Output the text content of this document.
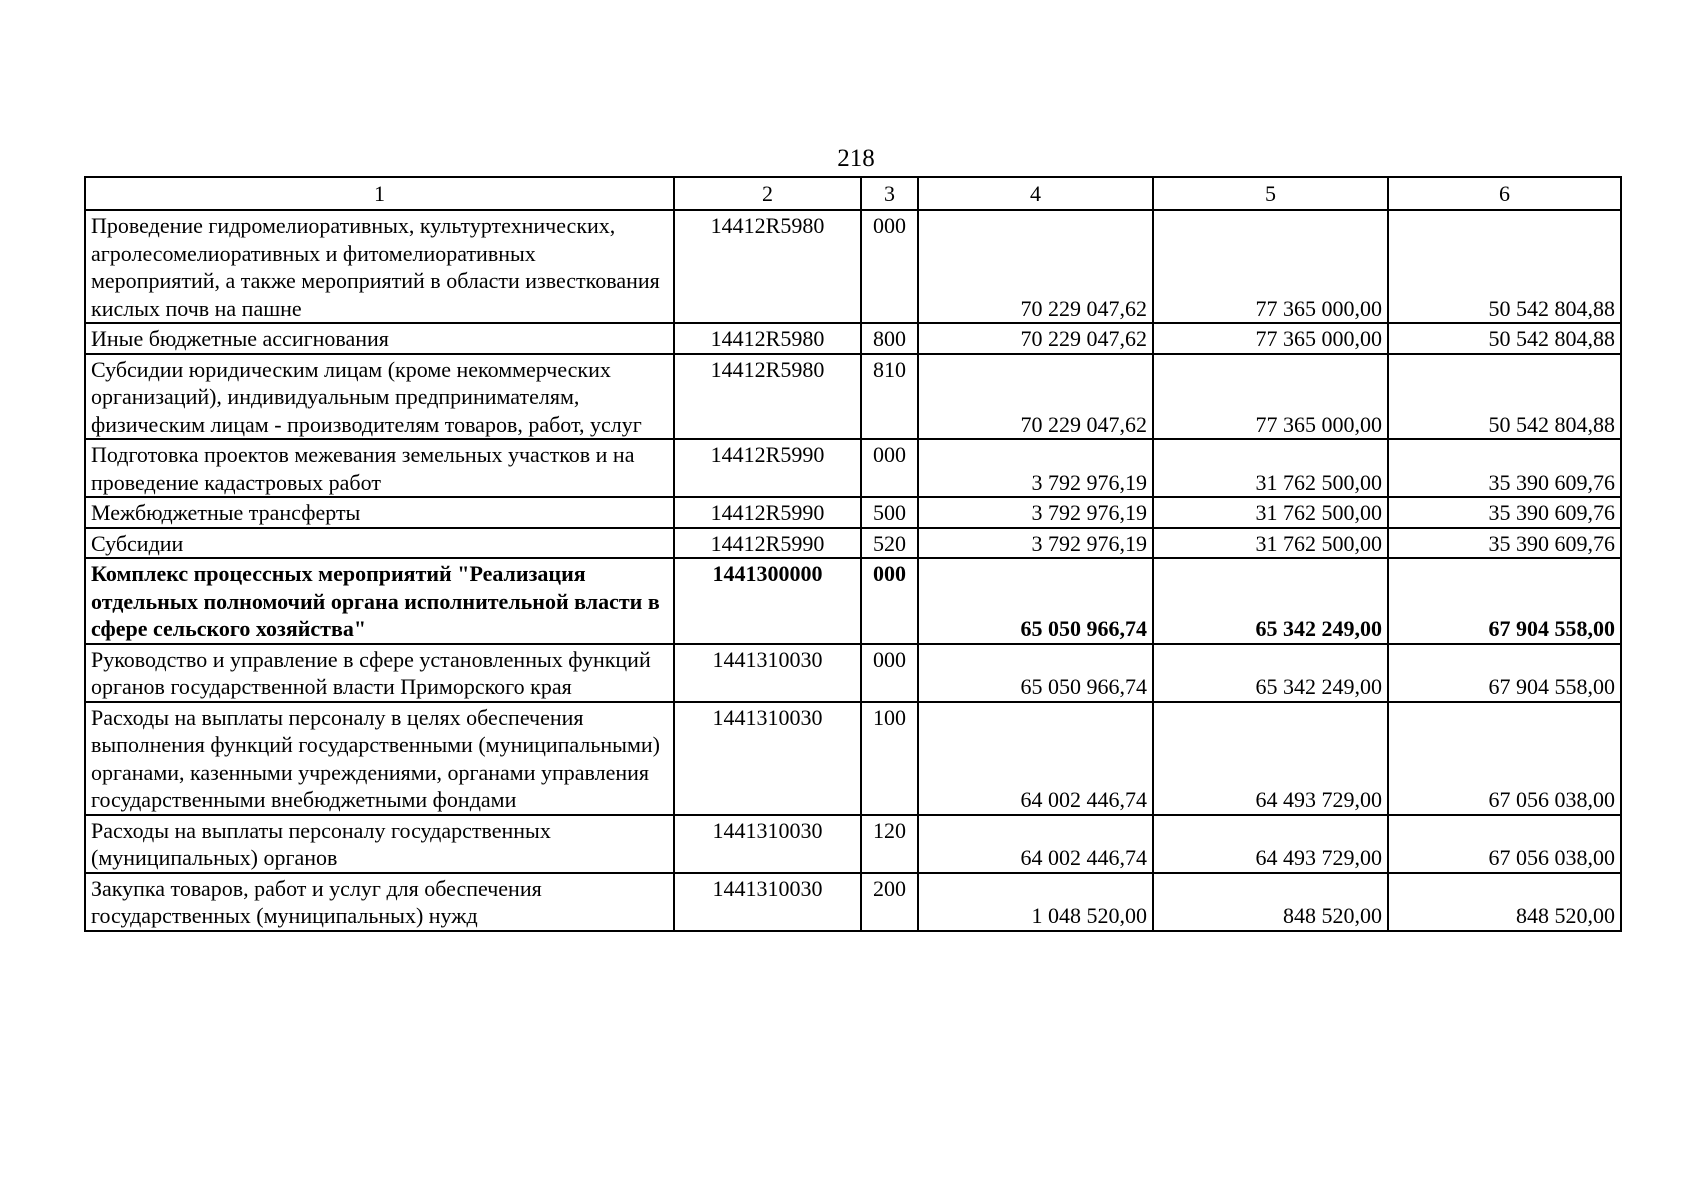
218
1	2	3	4	5	6
Проведение гидромелиоративных, культуртехнических, агролесомелиоративных и фитомелиоративных мероприятий, а также мероприятий в области известкования кислых почв на пашне	14412R5980	000	70 229 047,62	77 365 000,00	50 542 804,88
Иные бюджетные ассигнования	14412R5980	800	70 229 047,62	77 365 000,00	50 542 804,88
Субсидии юридическим лицам (кроме некоммерческих организаций), индивидуальным предпринимателям, физическим лицам - производителям товаров, работ, услуг	14412R5980	810	70 229 047,62	77 365 000,00	50 542 804,88
Подготовка проектов межевания земельных участков и на проведение кадастровых работ	14412R5990	000	3 792 976,19	31 762 500,00	35 390 609,76
Межбюджетные трансферты	14412R5990	500	3 792 976,19	31 762 500,00	35 390 609,76
Субсидии	14412R5990	520	3 792 976,19	31 762 500,00	35 390 609,76
Комплекс процессных мероприятий "Реализация отдельных полномочий органа исполнительной власти в сфере сельского хозяйства"	1441300000	000	65 050 966,74	65 342 249,00	67 904 558,00
Руководство и управление в сфере установленных функций органов государственной власти Приморского края	1441310030	000	65 050 966,74	65 342 249,00	67 904 558,00
Расходы на выплаты персоналу в целях обеспечения выполнения функций государственными (муниципальными) органами, казенными учреждениями, органами управления государственными внебюджетными фондами	1441310030	100	64 002 446,74	64 493 729,00	67 056 038,00
Расходы на выплаты персоналу государственных (муниципальных) органов	1441310030	120	64 002 446,74	64 493 729,00	67 056 038,00
Закупка товаров, работ и услуг для обеспечения государственных (муниципальных) нужд	1441310030	200	1 048 520,00	848 520,00	848 520,00
